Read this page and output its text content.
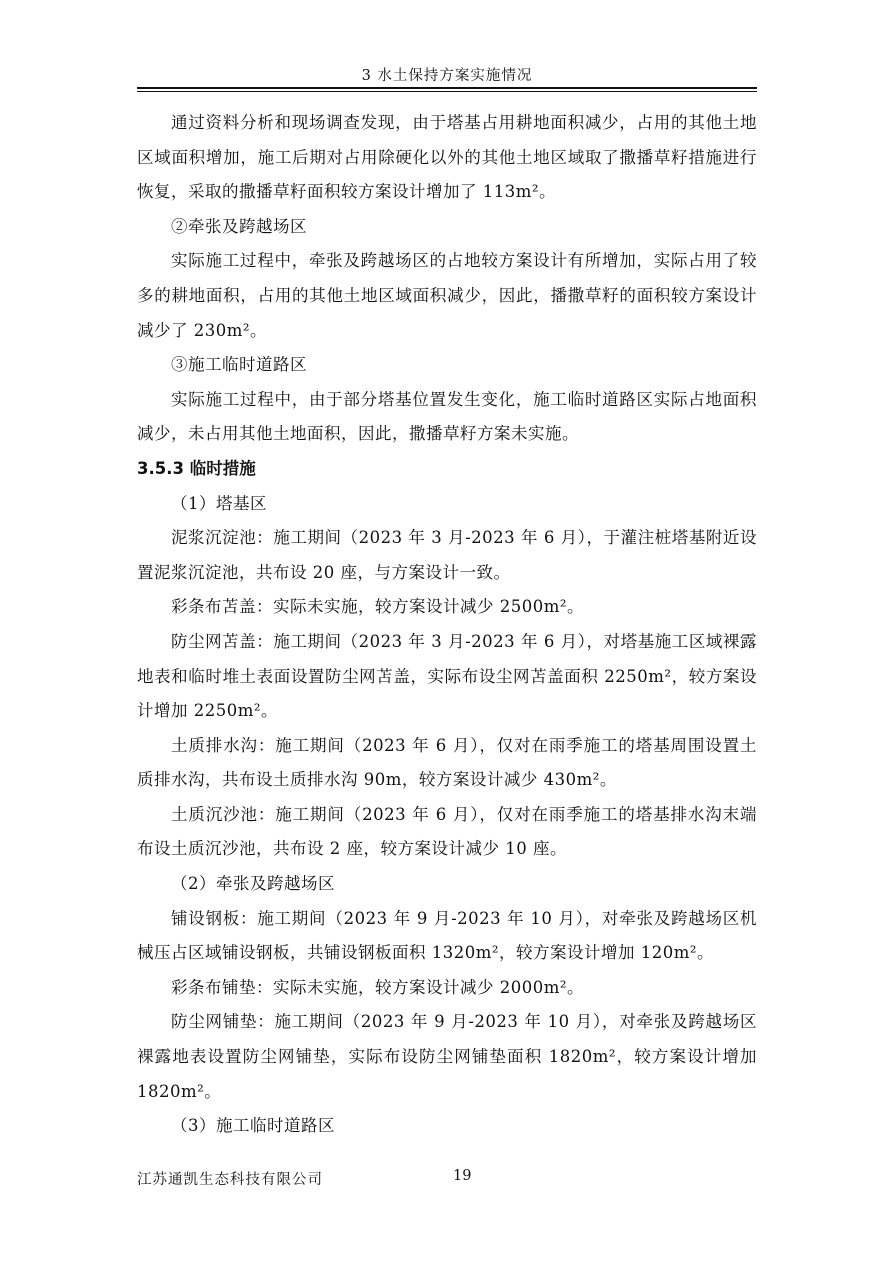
3 水土保持方案实施情况

通过资料分析和现场调查发现，由于塔基占用耕地面积减少，占用的其他土地区域面积增加，施工后期对占用除硬化以外的其他土地区域取了撒播草籽措施进行恢复，采取的撒播草籽面积较方案设计增加了 113m²。

②牵张及跨越场区

实际施工过程中，牵张及跨越场区的占地较方案设计有所增加，实际占用了较多的耕地面积，占用的其他土地区域面积减少，因此，播撒草籽的面积较方案设计减少了 230m²。

③施工临时道路区

实际施工过程中，由于部分塔基位置发生变化，施工临时道路区实际占地面积减少，未占用其他土地面积，因此，撒播草籽方案未实施。

3.5.3 临时措施

（1）塔基区

泥浆沉淀池：施工期间（2023 年 3 月-2023 年 6 月），于灌注桩塔基附近设置泥浆沉淀池，共布设 20 座，与方案设计一致。

彩条布苫盖：实际未实施，较方案设计减少 2500m²。

防尘网苫盖：施工期间（2023 年 3 月-2023 年 6 月），对塔基施工区域裸露地表和临时堆土表面设置防尘网苫盖，实际布设尘网苫盖面积 2250m²，较方案设计增加 2250m²。

土质排水沟：施工期间（2023 年 6 月），仅对在雨季施工的塔基周围设置土质排水沟，共布设土质排水沟 90m，较方案设计减少 430m²。

土质沉沙池：施工期间（2023 年 6 月），仅对在雨季施工的塔基排水沟末端布设土质沉沙池，共布设 2 座，较方案设计减少 10 座。

（2）牵张及跨越场区

铺设钢板：施工期间（2023 年 9 月-2023 年 10 月），对牵张及跨越场区机械压占区域铺设钢板，共铺设钢板面积 1320m²，较方案设计增加 120m²。

彩条布铺垫：实际未实施，较方案设计减少 2000m²。

防尘网铺垫：施工期间（2023 年 9 月-2023 年 10 月），对牵张及跨越场区裸露地表设置防尘网铺垫，实际布设防尘网铺垫面积 1820m²，较方案设计增加 1820m²。

（3）施工临时道路区

江苏通凯生态科技有限公司	19
